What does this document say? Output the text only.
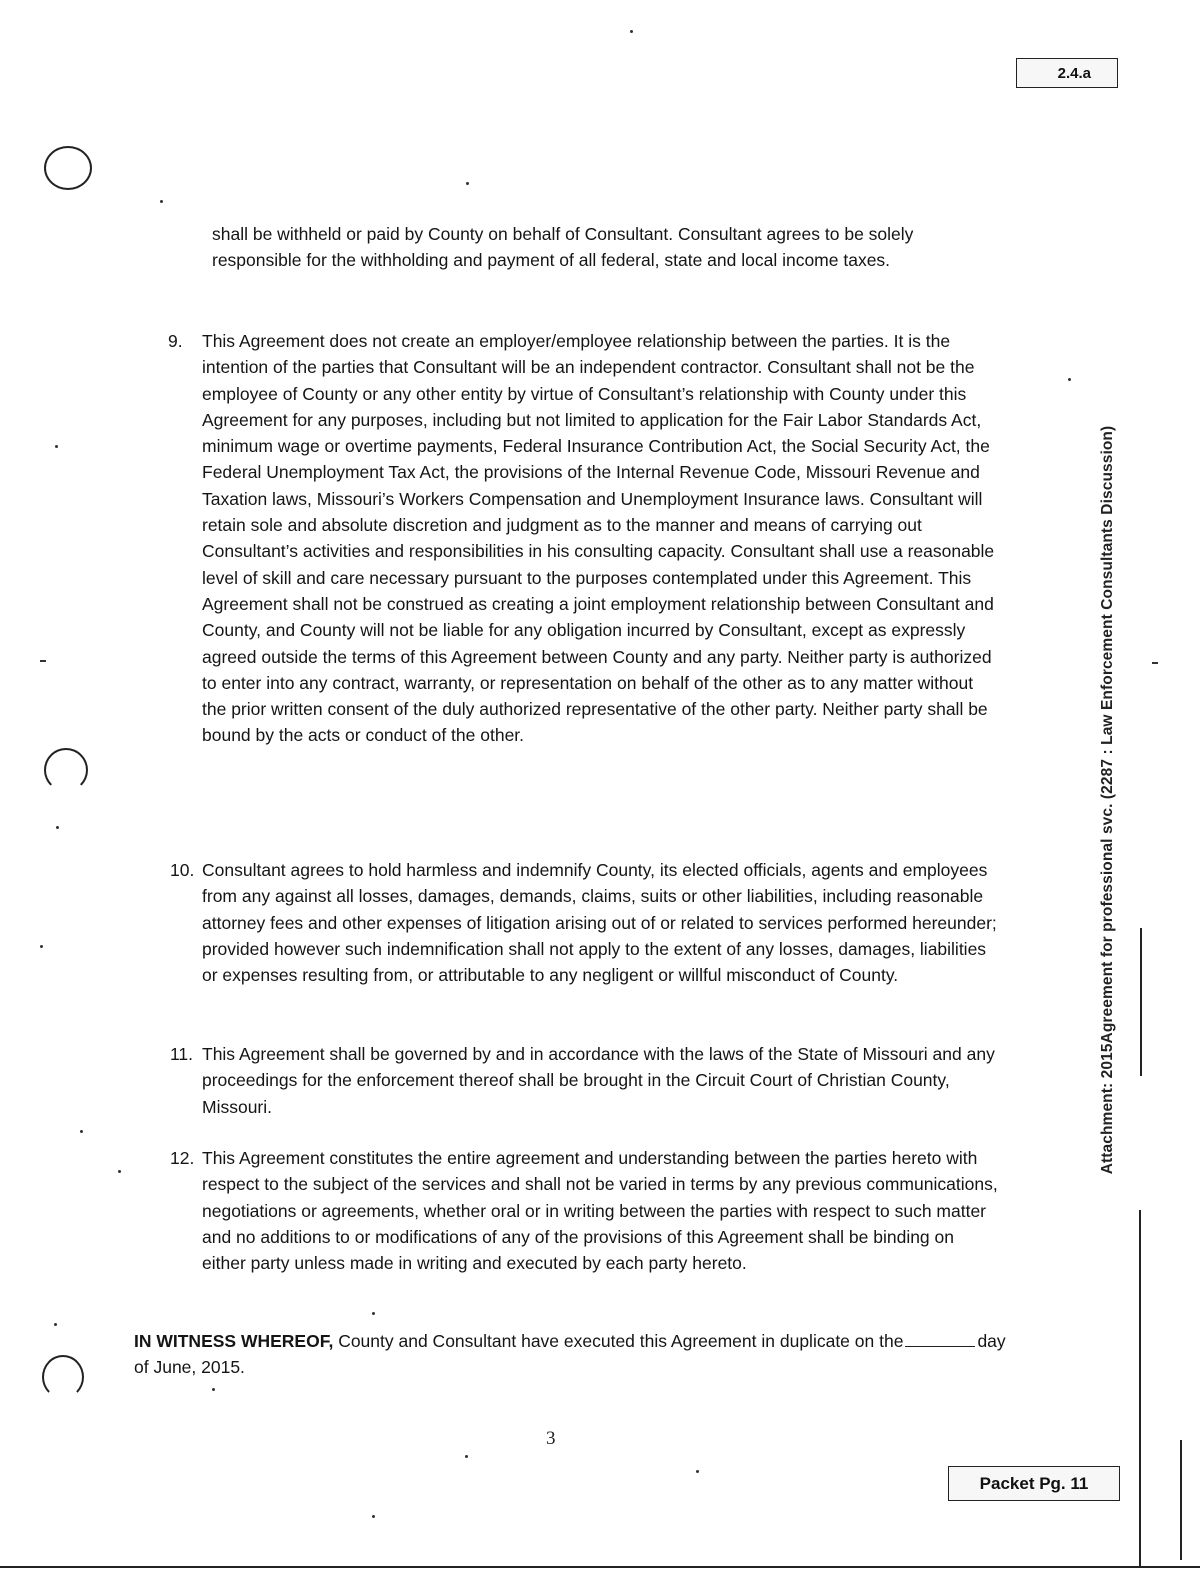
2.4.a
Attachment: 2015Agreement for professional svc. (2287 : Law Enforcement Consultants Discussion)
shall be withheld or paid by County on behalf of Consultant. Consultant agrees to be solely responsible for the withholding and payment of all federal, state and local income taxes.
9. This Agreement does not create an employer/employee relationship between the parties. It is the intention of the parties that Consultant will be an independent contractor. Consultant shall not be the employee of County or any other entity by virtue of Consultant’s relationship with County under this Agreement for any purposes, including but not limited to application for the Fair Labor Standards Act, minimum wage or overtime payments, Federal Insurance Contribution Act, the Social Security Act, the Federal Unemployment Tax Act, the provisions of the Internal Revenue Code, Missouri Revenue and Taxation laws, Missouri’s Workers Compensation and Unemployment Insurance laws. Consultant will retain sole and absolute discretion and judgment as to the manner and means of carrying out Consultant’s activities and responsibilities in his consulting capacity. Consultant shall use a reasonable level of skill and care necessary pursuant to the purposes contemplated under this Agreement. This Agreement shall not be construed as creating a joint employment relationship between Consultant and County, and County will not be liable for any obligation incurred by Consultant, except as expressly agreed outside the terms of this Agreement between County and any party. Neither party is authorized to enter into any contract, warranty, or representation on behalf of the other as to any matter without the prior written consent of the duly authorized representative of the other party. Neither party shall be bound by the acts or conduct of the other.
10. Consultant agrees to hold harmless and indemnify County, its elected officials, agents and employees from any against all losses, damages, demands, claims, suits or other liabilities, including reasonable attorney fees and other expenses of litigation arising out of or related to services performed hereunder; provided however such indemnification shall not apply to the extent of any losses, damages, liabilities or expenses resulting from, or attributable to any negligent or willful misconduct of County.
11. This Agreement shall be governed by and in accordance with the laws of the State of Missouri and any proceedings for the enforcement thereof shall be brought in the Circuit Court of Christian County, Missouri.
12. This Agreement constitutes the entire agreement and understanding between the parties hereto with respect to the subject of the services and shall not be varied in terms by any previous communications, negotiations or agreements, whether oral or in writing between the parties with respect to such matter and no additions to or modifications of any of the provisions of this Agreement shall be binding on either party unless made in writing and executed by each party hereto.
IN WITNESS WHEREOF, County and Consultant have executed this Agreement in duplicate on the	day of June, 2015.
3
Packet Pg. 11
